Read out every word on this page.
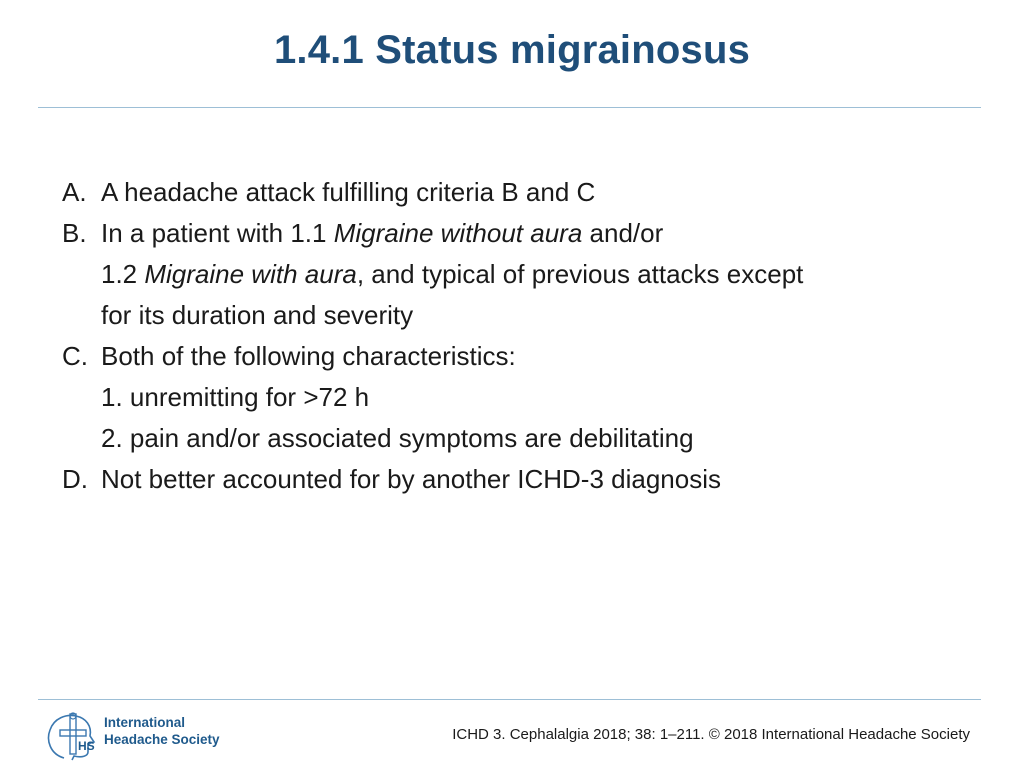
1.4.1 Status migrainosus
A. A headache attack fulfilling criteria B and C
B. In a patient with 1.1 Migraine without aura and/or
1.2 Migraine with aura, and typical of previous attacks except
for its duration and severity
C. Both of the following characteristics:
1. unremitting for >72 h
2. pain and/or associated symptoms are debilitating
D. Not better accounted for by another ICHD-3 diagnosis
HS
International
Headache Society	ICHD 3. Cephalalgia 2018; 38: 1–211. © 2018 International Headache Society
